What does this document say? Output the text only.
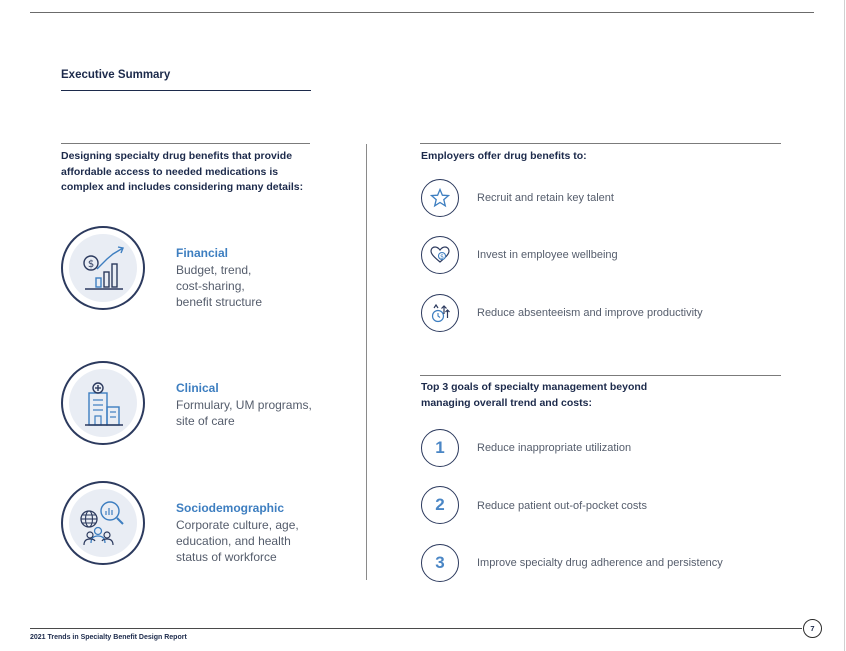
Executive Summary
Designing specialty drug benefits that provide affordable access to needed medications is complex and includes considering many details:
$
Financial
Budget, trend, cost-sharing, benefit structure
Clinical
Formulary, UM programs, site of care
Sociodemographic
Corporate culture, age, education, and health status of workforce
Employers offer drug benefits to:
Recruit and retain key talent
$	Invest in employee wellbeing
Reduce absenteeism and improve productivity
Top 3 goals of specialty management beyond managing overall trend and costs:
1	Reduce inappropriate utilization
2	Reduce patient out-of-pocket costs
3	Improve specialty drug adherence and persistency
2021 Trends in Specialty Benefit Design Report
7
